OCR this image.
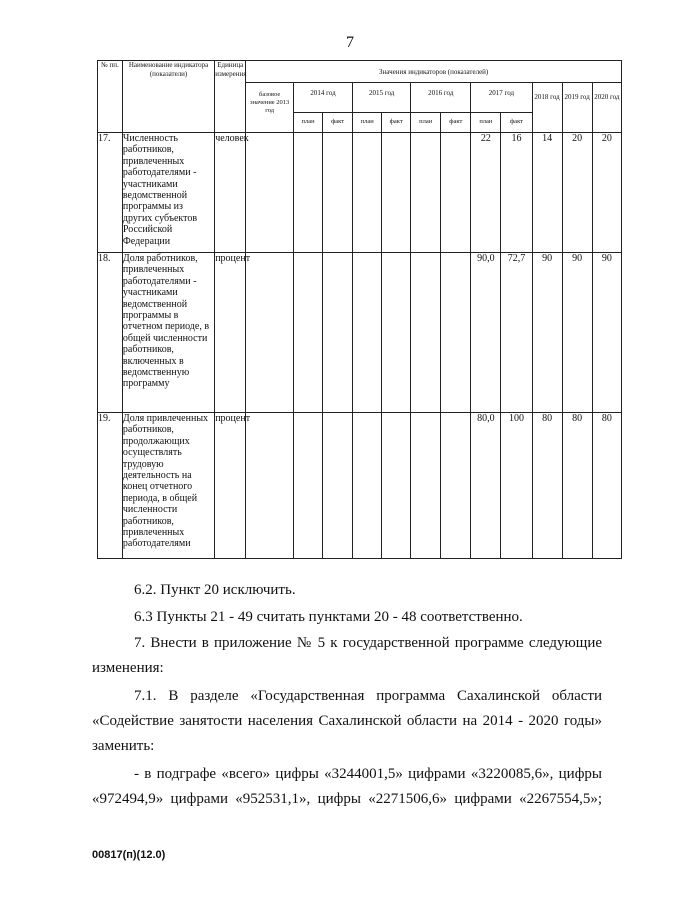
7
№ пп.	Наименование индикатора (показатели)	Единица измерения	Значения индикаторов (показателей)											
			базовое значение 2013 год	2014 год		2015 год		2016 год		2017 год		2018 год	2019 год	2020 год
				план	факт	план	факт	план	факт	план	факт			
17.	Численность работников, привлеченных работодателями - участниками ведомственной программы из других субъектов Российской Федерации	человек								22	16	14	20	20
18.	Доля работников, привлеченных работодателями - участниками ведомственной программы в отчетном периоде, в общей численности работников, включенных в ведомственную программу	процент								90,0	72,7	90	90	90
19.	Доля привлеченных работников, продолжающих осуществлять трудовую деятельность на конец отчетного периода, в общей численности работников, привлеченных работодателями	процент								80,0	100	80	80	80
6.2. Пункт 20 исключить.
6.3 Пункты 21 - 49 считать пунктами 20 - 48 соответственно.
7. Внести в приложение № 5 к государственной программе следующие
изменения:
7.1. В разделе «Государственная программа Сахалинской области
«Содействие занятости населения Сахалинской области на 2014 - 2020 годы»
заменить:
- в подграфе «всего» цифры «3244001,5» цифрами «3220085,6», цифры
«972494,9» цифрами «952531,1», цифры «2271506,6» цифрами «2267554,5»;
00817(п)(12.0)
